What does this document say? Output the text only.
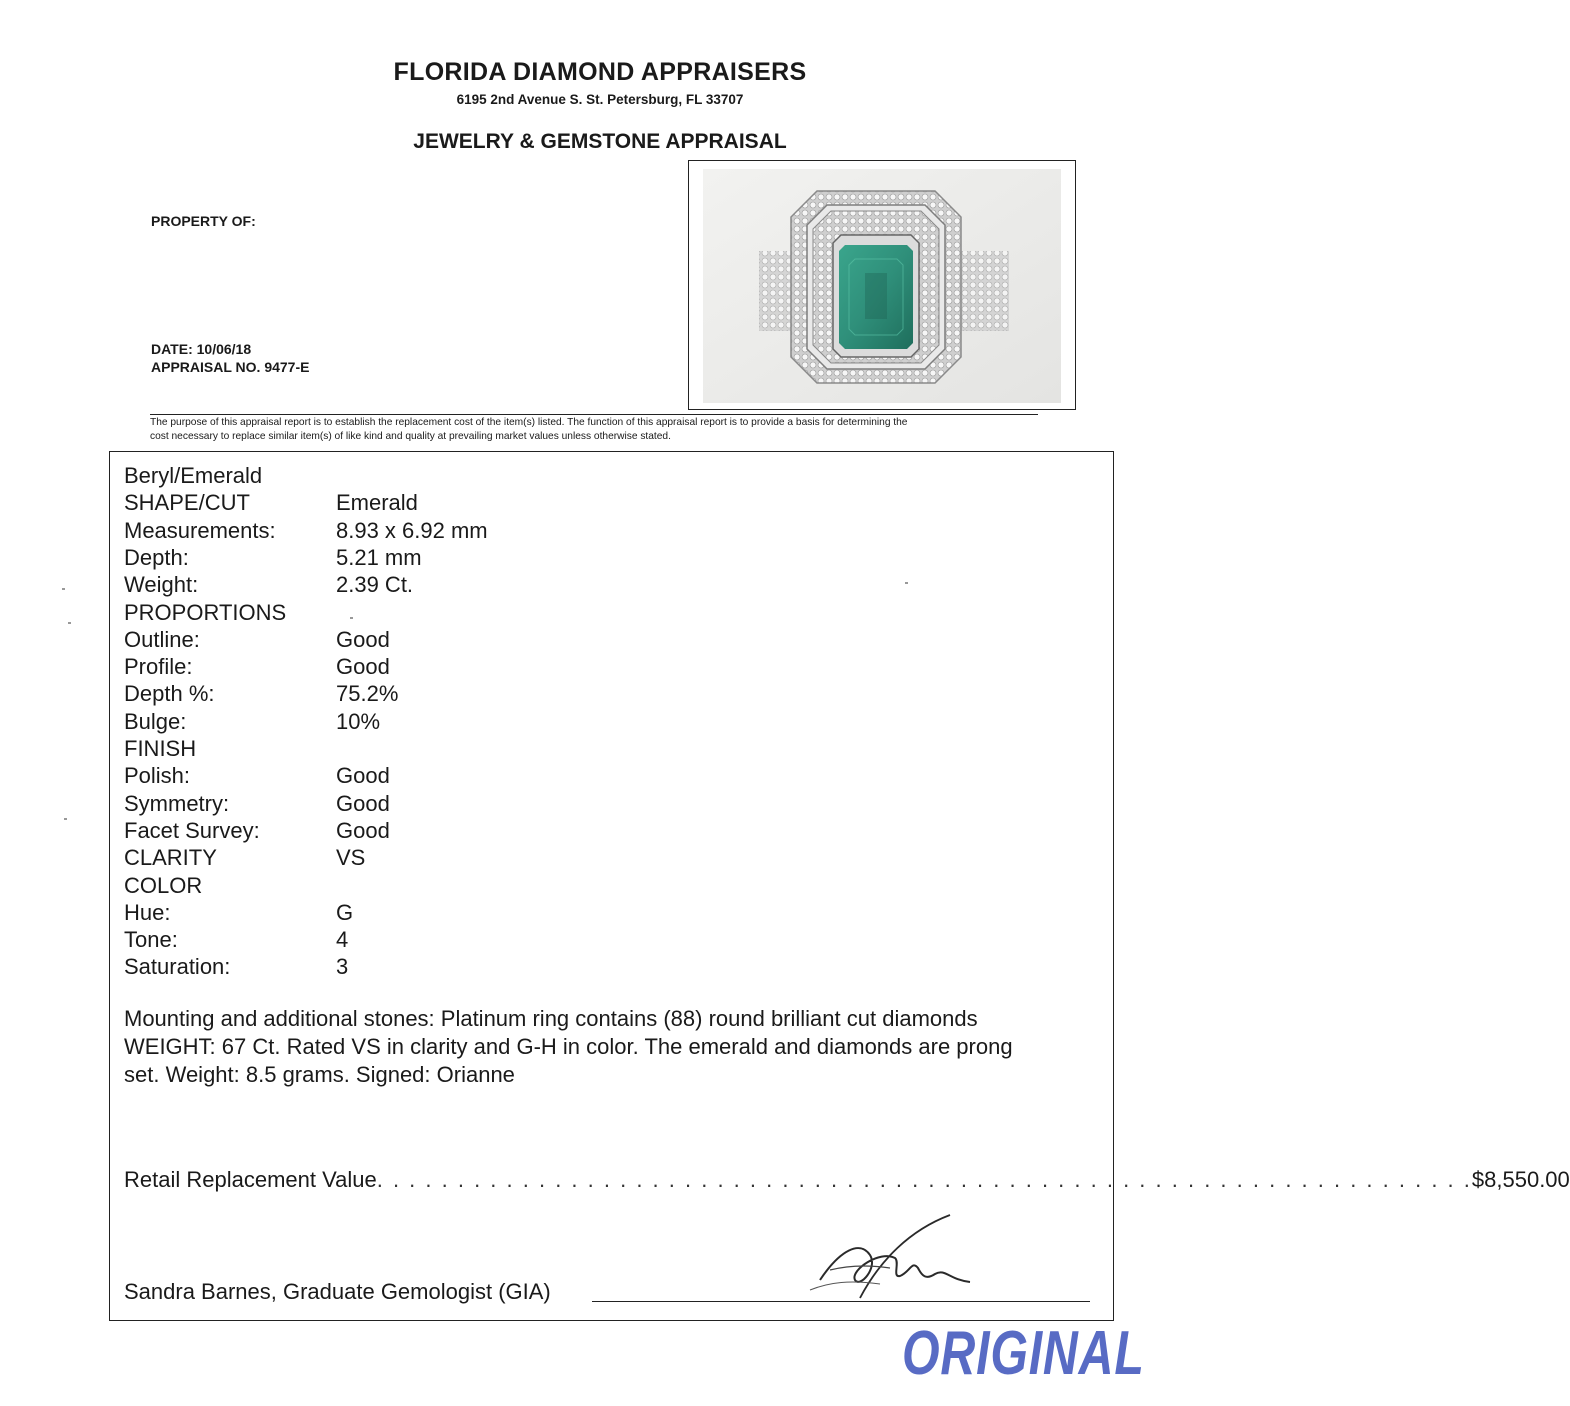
FLORIDA DIAMOND APPRAISERS
6195 2nd Avenue S. St. Petersburg, FL 33707
JEWELRY & GEMSTONE APPRAISAL
PROPERTY OF:
DATE: 10/06/18
APPRAISAL NO. 9477-E
The purpose of this appraisal report is to establish the replacement cost of the item(s) listed. The function of this appraisal report is to provide a basis for determining the
cost necessary to replace similar item(s) of like kind and quality at prevailing market values unless otherwise stated.
Beryl/Emerald
SHAPE/CUT	Emerald
Measurements:	8.93 x 6.92 mm
Depth:	5.21 mm
Weight:	2.39 Ct.
PROPORTIONS
Outline:	Good
Profile:	Good
Depth %:	75.2%
Bulge:	10%
FINISH
Polish:	Good
Symmetry:	Good
Facet Survey:	Good
CLARITY	VS
COLOR
Hue:	G
Tone:	4
Saturation:	3
Mounting and additional stones: Platinum ring contains (88) round brilliant cut diamonds
WEIGHT: 67 Ct. Rated VS in clarity and G-H in color. The emerald and diamonds are prong
set. Weight: 8.5 grams. Signed: Orianne
Retail Replacement Value . . . . . . . . . . . . . . . . . . . . . . . . . . . . . . . . . . . . . . . . . . . . . . . . . . . . . . . . . . . . . . . . . . . . $8,550.00
Sandra Barnes, Graduate Gemologist (GIA)
ORIGINAL
